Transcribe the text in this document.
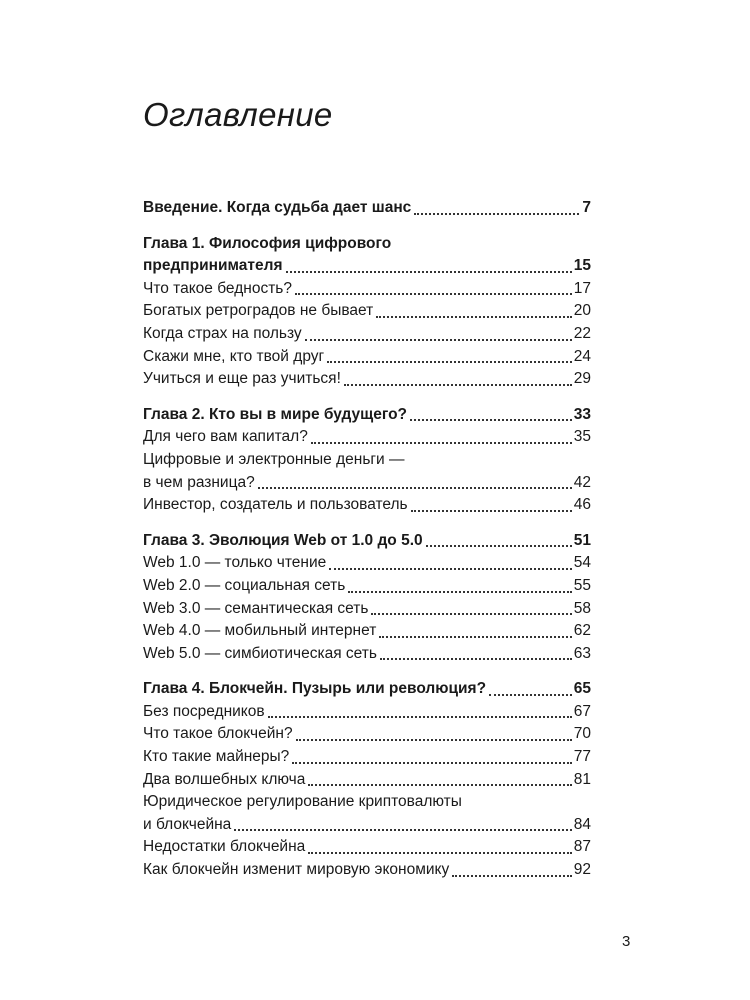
Оглавление
Введение. Когда судьба дает шанс	7
Глава 1. Философия цифрового
предпринимателя	15
Что такое бедность?	17
Богатых ретроградов не бывает	20
Когда страх на пользу	22
Скажи мне, кто твой друг	24
Учиться и еще раз учиться!	29
Глава 2. Кто вы в мире будущего?	33
Для чего вам капитал?	35
Цифровые и электронные деньги —
в чем разница?	42
Инвестор, создатель и пользователь	46
Глава 3. Эволюция Web от 1.0 до 5.0	51
Web 1.0 — только чтение	54
Web 2.0 — социальная сеть	55
Web 3.0 — семантическая сеть	58
Web 4.0 — мобильный интернет	62
Web 5.0 — симбиотическая сеть	63
Глава 4. Блокчейн. Пузырь или революция?	65
Без посредников	67
Что такое блокчейн?	70
Кто такие майнеры?	77
Два волшебных ключа	81
Юридическое регулирование криптовалюты
и блокчейна	84
Недостатки блокчейна	87
Как блокчейн изменит мировую экономику	92
3
